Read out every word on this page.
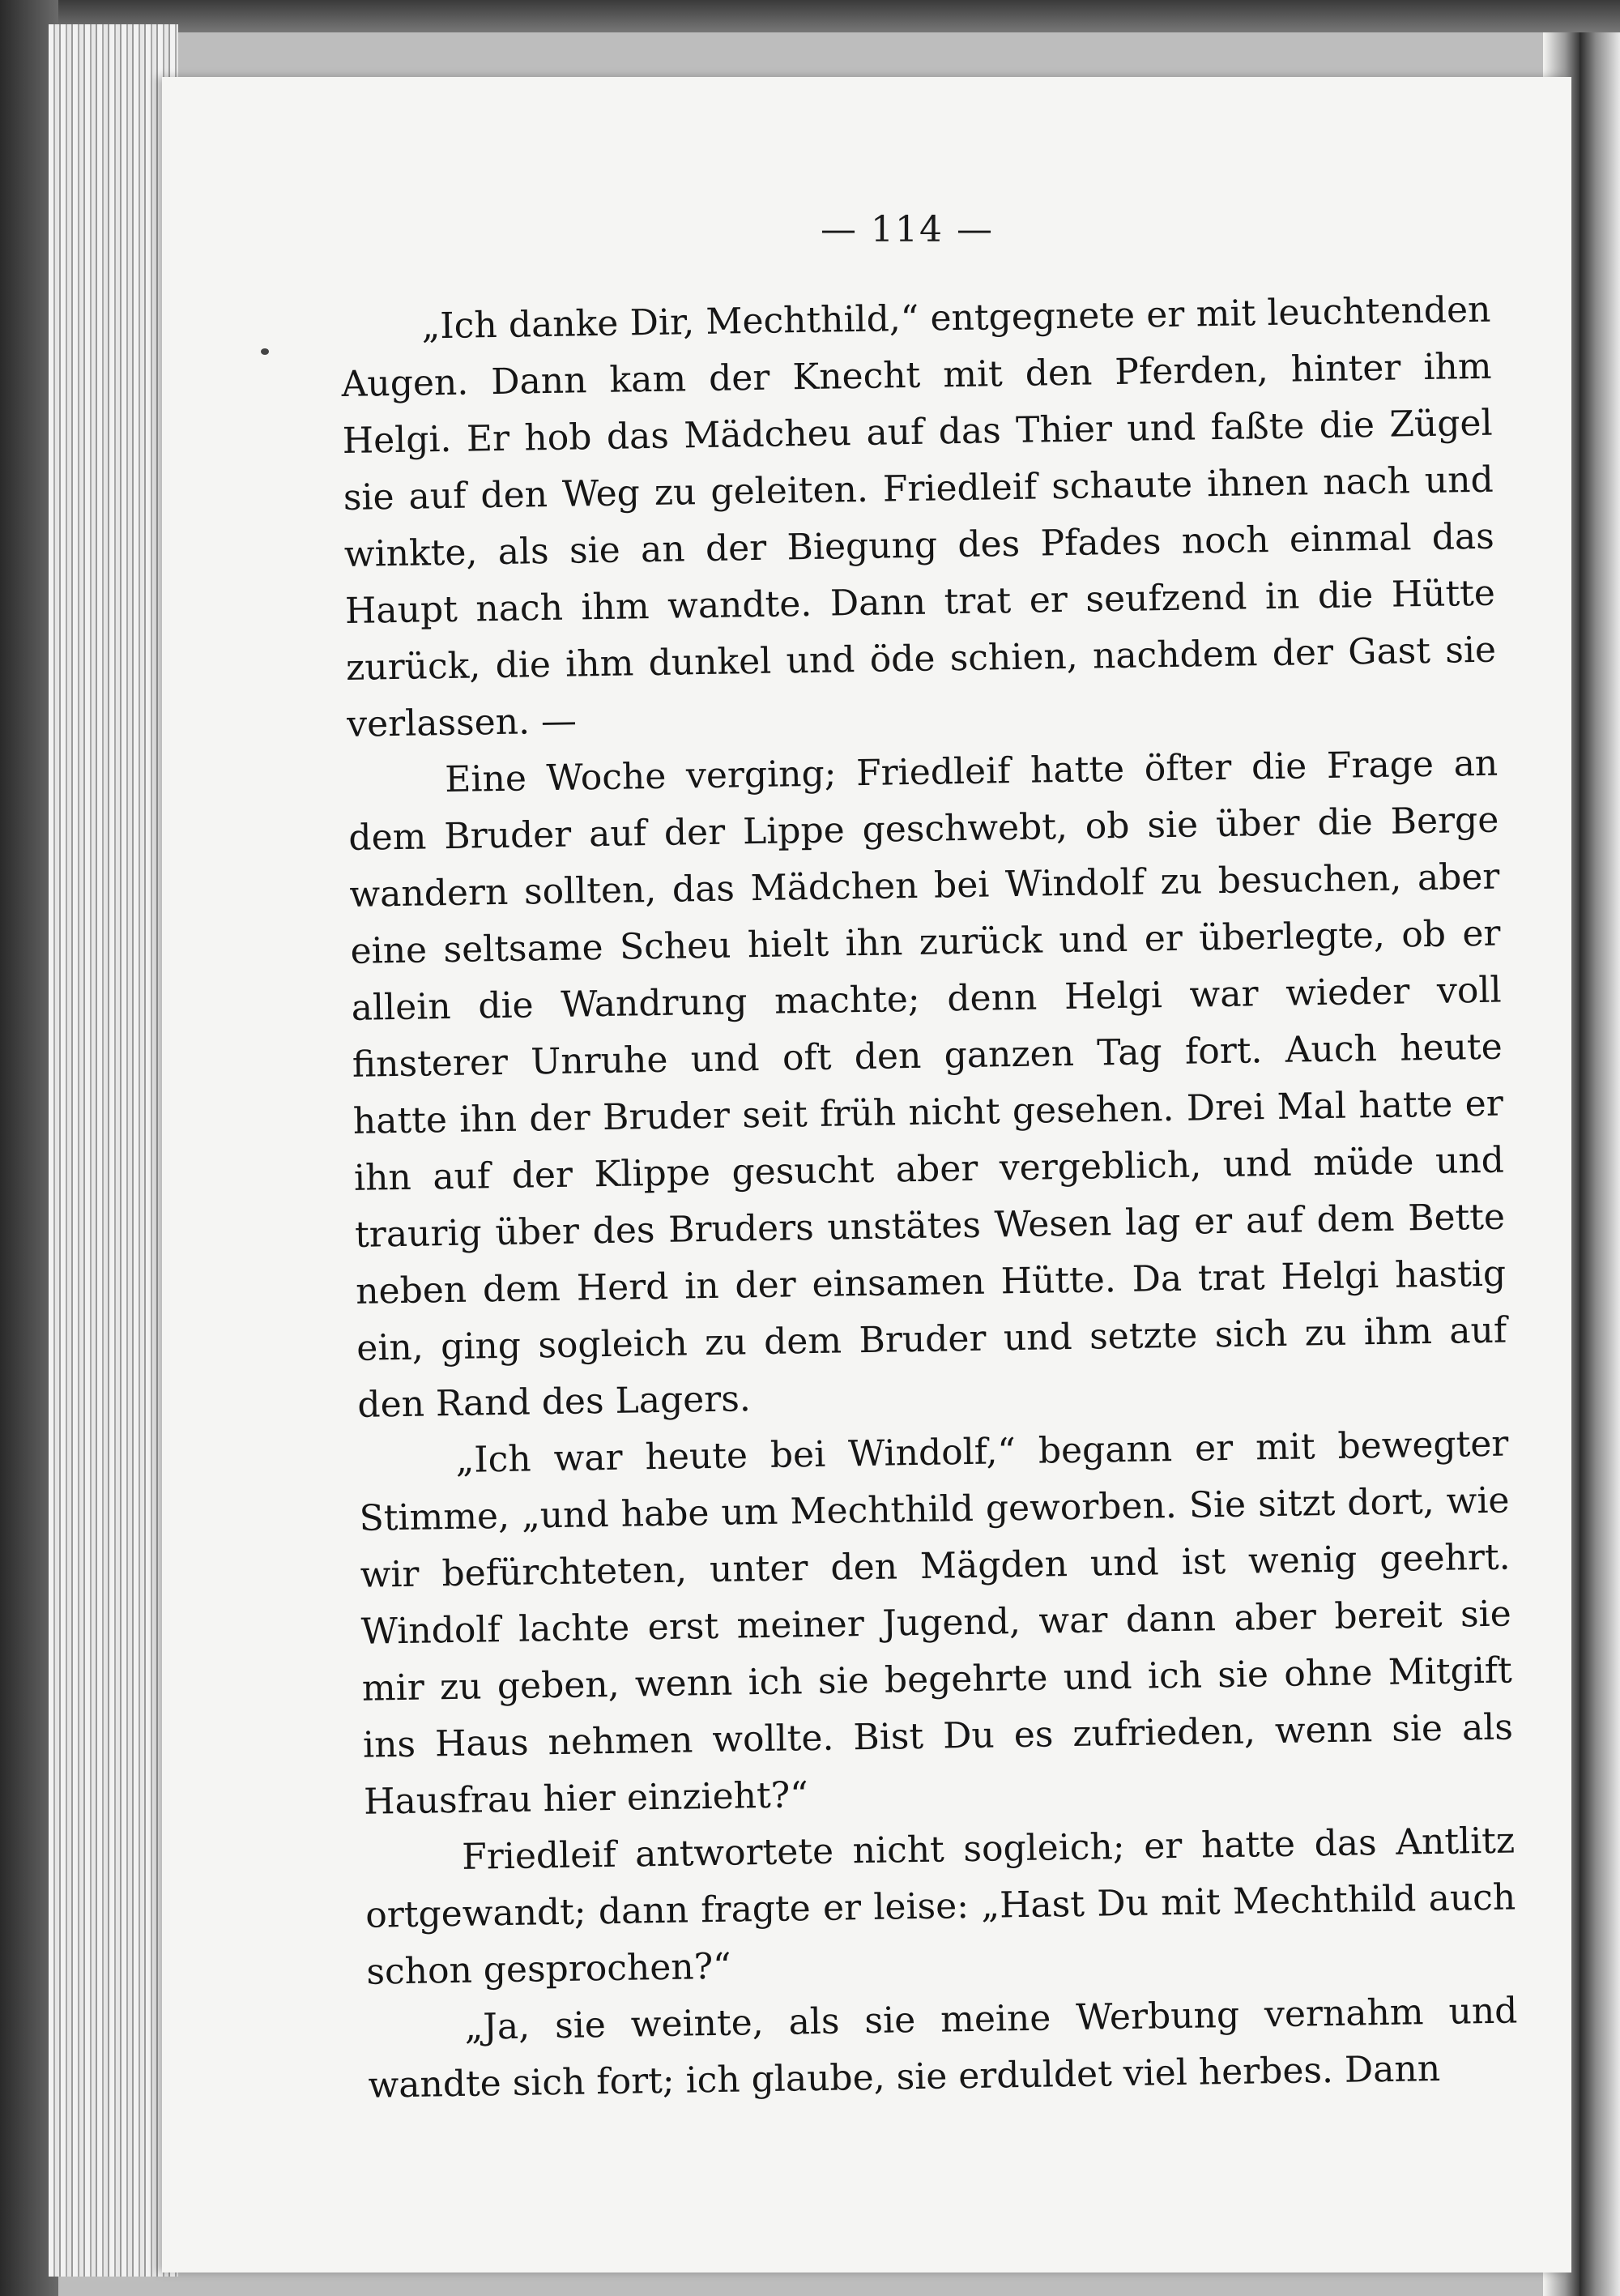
— 114 —

„Ich danke Dir, Mechthild,“ entgegnete er mit leuchtenden Augen. Dann kam der Knecht mit den Pferden, hinter ihm Helgi. Er hob das Mädcheu auf das Thier und faßte die Zügel sie auf den Weg zu geleiten. Friedleif schaute ihnen nach und winkte, als sie an der Biegung des Pfades noch einmal das Haupt nach ihm wandte. Dann trat er seufzend in die Hütte zurück, die ihm dunkel und öde schien, nachdem der Gast sie verlassen. —

Eine Woche verging; Friedleif hatte öfter die Frage an dem Bruder auf der Lippe geschwebt, ob sie über die Berge wandern sollten, das Mädchen bei Windolf zu besuchen, aber eine seltsame Scheu hielt ihn zurück und er überlegte, ob er allein die Wandrung machte; denn Helgi war wieder voll finsterer Unruhe und oft den ganzen Tag fort. Auch heute hatte ihn der Bruder seit früh nicht gesehen. Drei Mal hatte er ihn auf der Klippe gesucht aber vergeblich, und müde und traurig über des Bruders unstätes Wesen lag er auf dem Bette neben dem Herd in der einsamen Hütte. Da trat Helgi hastig ein, ging sogleich zu dem Bruder und setzte sich zu ihm auf den Rand des Lagers.

„Ich war heute bei Windolf,“ begann er mit bewegter Stimme, „und habe um Mechthild geworben. Sie sitzt dort, wie wir befürchteten, unter den Mägden und ist wenig geehrt. Windolf lachte erst meiner Jugend, war dann aber bereit sie mir zu geben, wenn ich sie begehrte und ich sie ohne Mitgift ins Haus nehmen wollte. Bist Du es zufrieden, wenn sie als Hausfrau hier einzieht?“

Friedleif antwortete nicht sogleich; er hatte das Antlitz ortgewandt; dann fragte er leise: „Hast Du mit Mechthild auch schon gesprochen?“

„Ja, sie weinte, als sie meine Werbung vernahm und wandte sich fort; ich glaube, sie erduldet viel herbes. Dann
